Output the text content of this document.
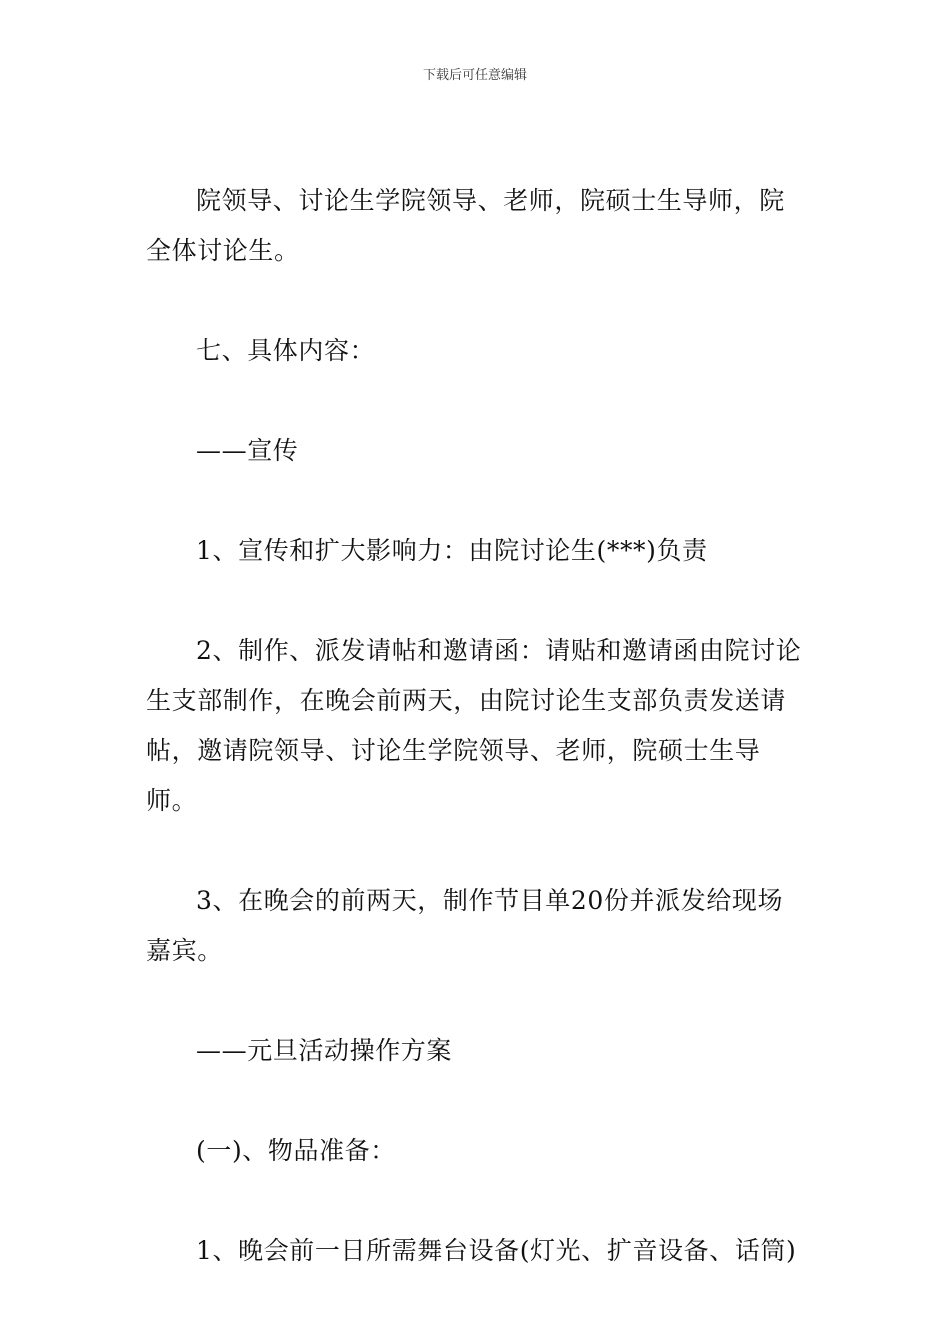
下载后可任意编辑

院领导、讨论生学院领导、老师，院硕士生导师，院全体讨论生。

七、具体内容：

——宣传

1、宣传和扩大影响力：由院讨论生(***)负责

2、制作、派发请帖和邀请函：请贴和邀请函由院讨论生支部制作，在晚会前两天，由院讨论生支部负责发送请帖，邀请院领导、讨论生学院领导、老师，院硕士生导师。

3、在晚会的前两天，制作节目单20份并派发给现场嘉宾。

——元旦活动操作方案

(一)、物品准备：

1、晚会前一日所需舞台设备(灯光、扩音设备、话筒)
